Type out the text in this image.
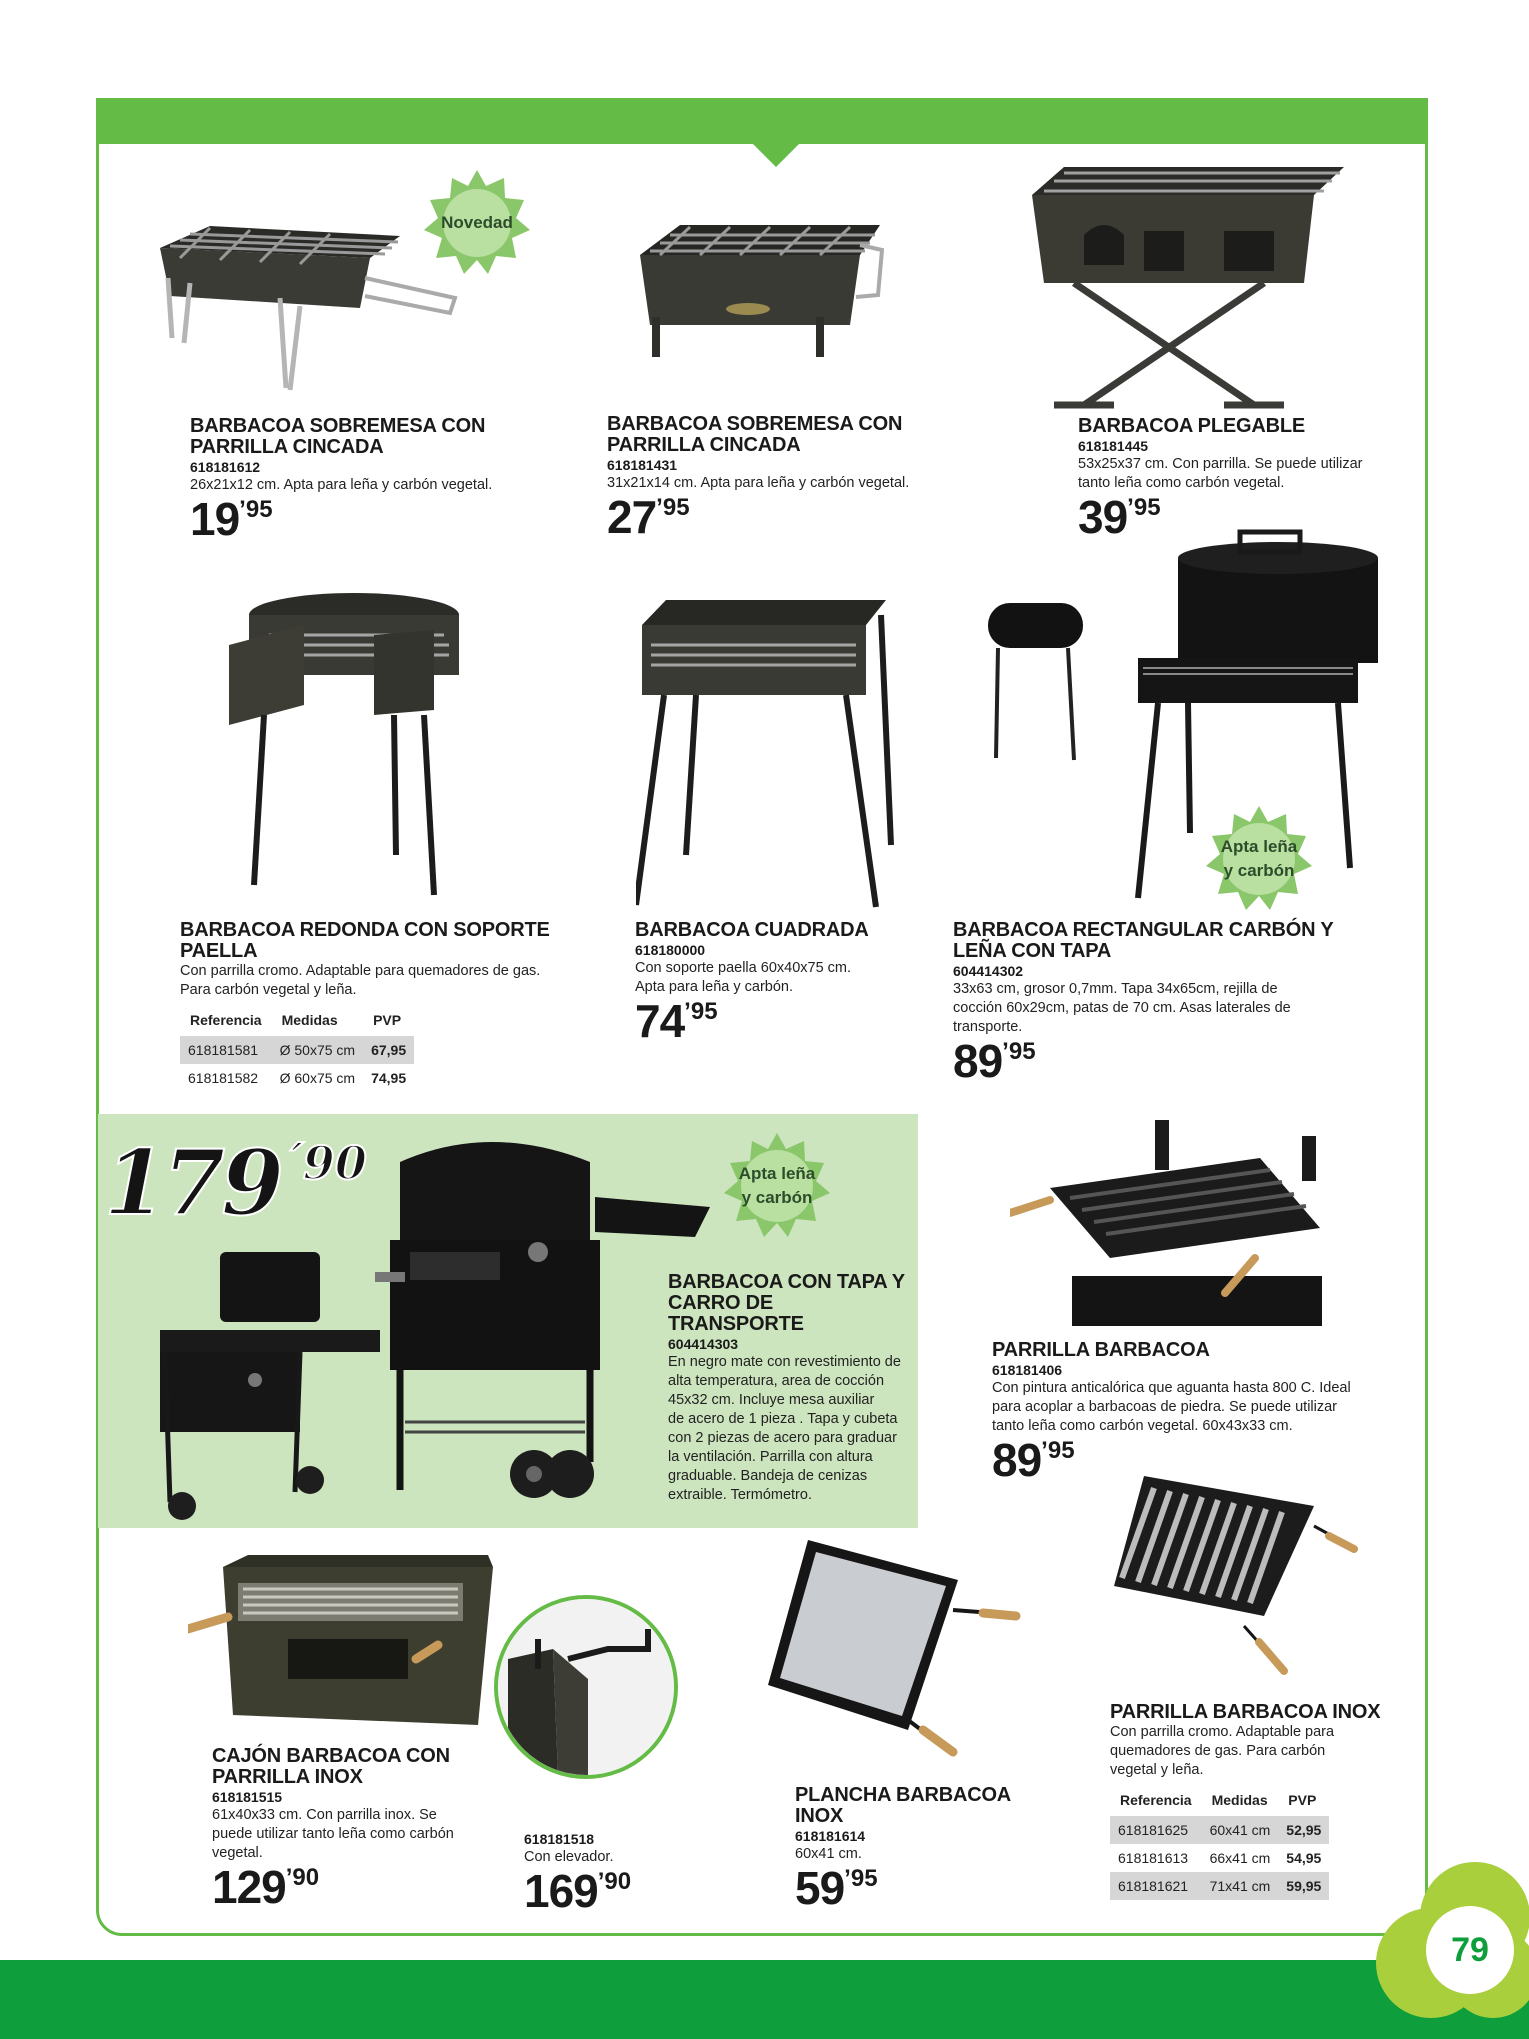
79
Novedad
BARBACOA SOBREMESA CON
PARRILLA CINCADA
618181612
26x21x12 cm. Apta para leña y carbón vegetal.
19 ’95
BARBACOA SOBREMESA CON
PARRILLA CINCADA
618181431
31x21x14 cm. Apta para leña y carbón vegetal.
27 ’95
BARBACOA PLEGABLE
618181445
53x25x37 cm. Con parrilla. Se puede utilizar
tanto leña como carbón vegetal.
39 ’95
BARBACOA REDONDA CON SOPORTE
PAELLA
Con parrilla cromo. Adaptable para quemadores de gas.
Para carbón vegetal y leña.
Referencia	Medidas	PVP
618181581	Ø 50x75 cm	67,95
618181582	Ø 60x75 cm	74,95
BARBACOA CUADRADA
618180000
Con soporte paella 60x40x75 cm.
Apta para leña y carbón.
74 ’95
Apta leña
y carbón
BARBACOA RECTANGULAR CARBÓN Y
LEÑA CON TAPA
604414302
33x63 cm, grosor 0,7mm. Tapa 34x65cm, rejilla de
cocción 60x29cm, patas de 70 cm. Asas laterales de
transporte.
89 ’95
179´90	Apta leña
y carbón
BARBACOA CON TAPA Y
CARRO DE TRANSPORTE
604414303
En negro mate con revestimiento de
alta temperatura, area de cocción
45x32 cm. Incluye mesa auxiliar
de acero de 1 pieza . Tapa y cubeta
con 2 piezas de acero para graduar
la ventilación. Parrilla con altura
graduable. Bandeja de cenizas
extraible. Termómetro.
PARRILLA BARBACOA
618181406
Con pintura anticalórica que aguanta hasta 800 C. Ideal
para acoplar a barbacoas de piedra. Se puede utilizar
tanto leña como carbón vegetal. 60x43x33 cm.
89 ’95
CAJÓN BARBACOA CON
PARRILLA INOX
618181515
61x40x33 cm. Con parrilla inox. Se
puede utilizar tanto leña como carbón
vegetal.
129 ’90
618181518
Con elevador.
169 ’90
PLANCHA BARBACOA
INOX
618181614
60x41 cm.
59 ’95
PARRILLA BARBACOA INOX
Con parrilla cromo. Adaptable para
quemadores de gas. Para carbón
vegetal y leña.
Referencia	Medidas	PVP
618181625	60x41 cm	52,95
618181613	66x41 cm	54,95
618181621	71x41 cm	59,95
